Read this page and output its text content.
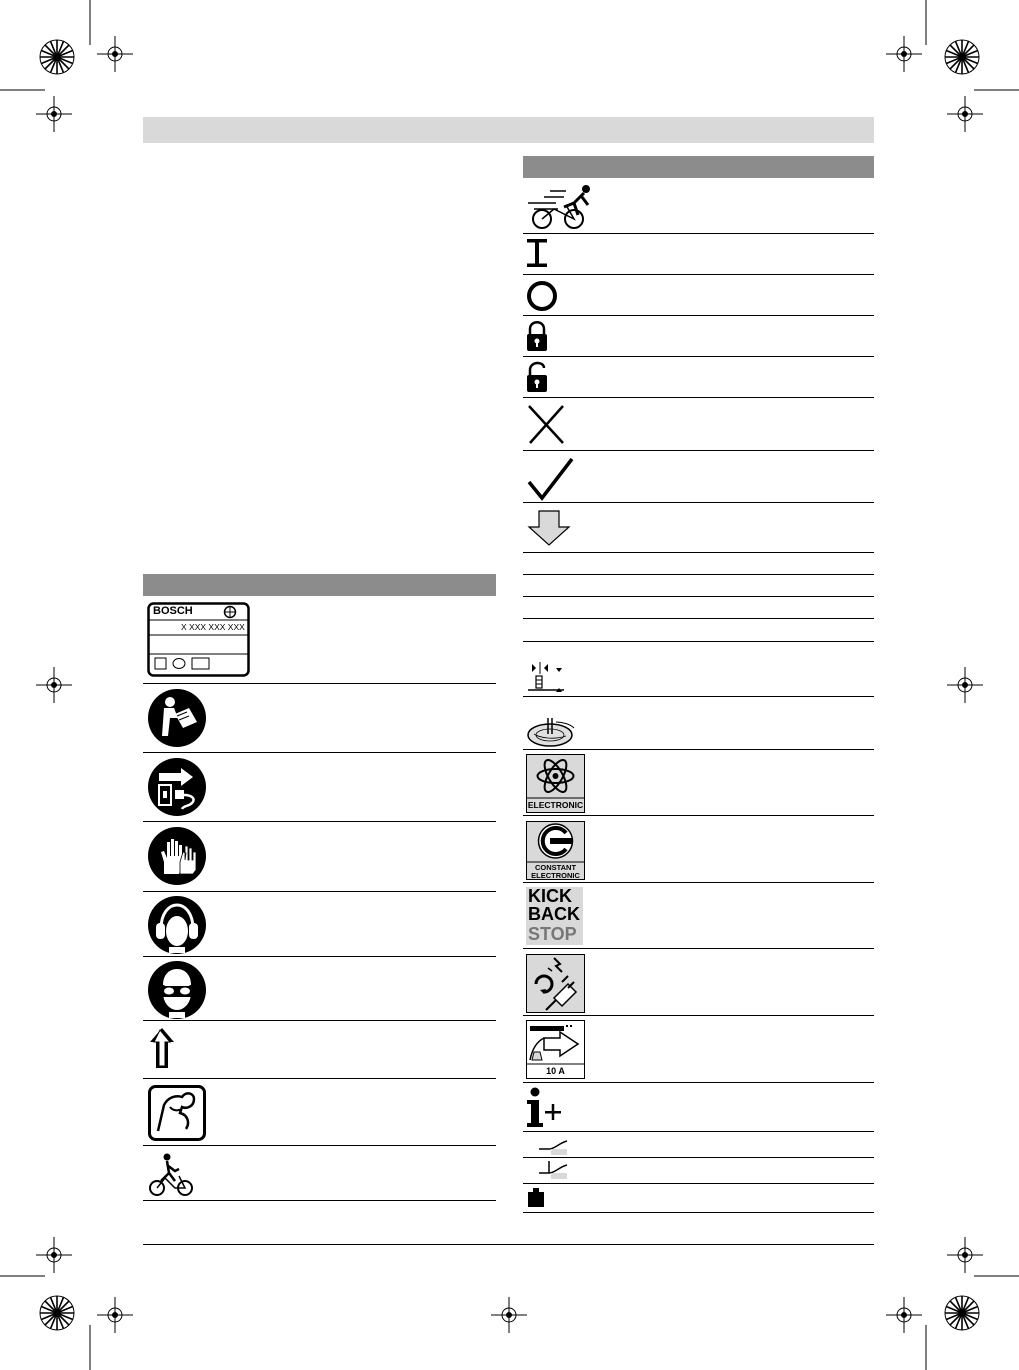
BOSCH
X XXX XXX XXX
ELECTRONIC
CONSTANT
ELECTRONIC
KICK
BACK
STOP
10 A
